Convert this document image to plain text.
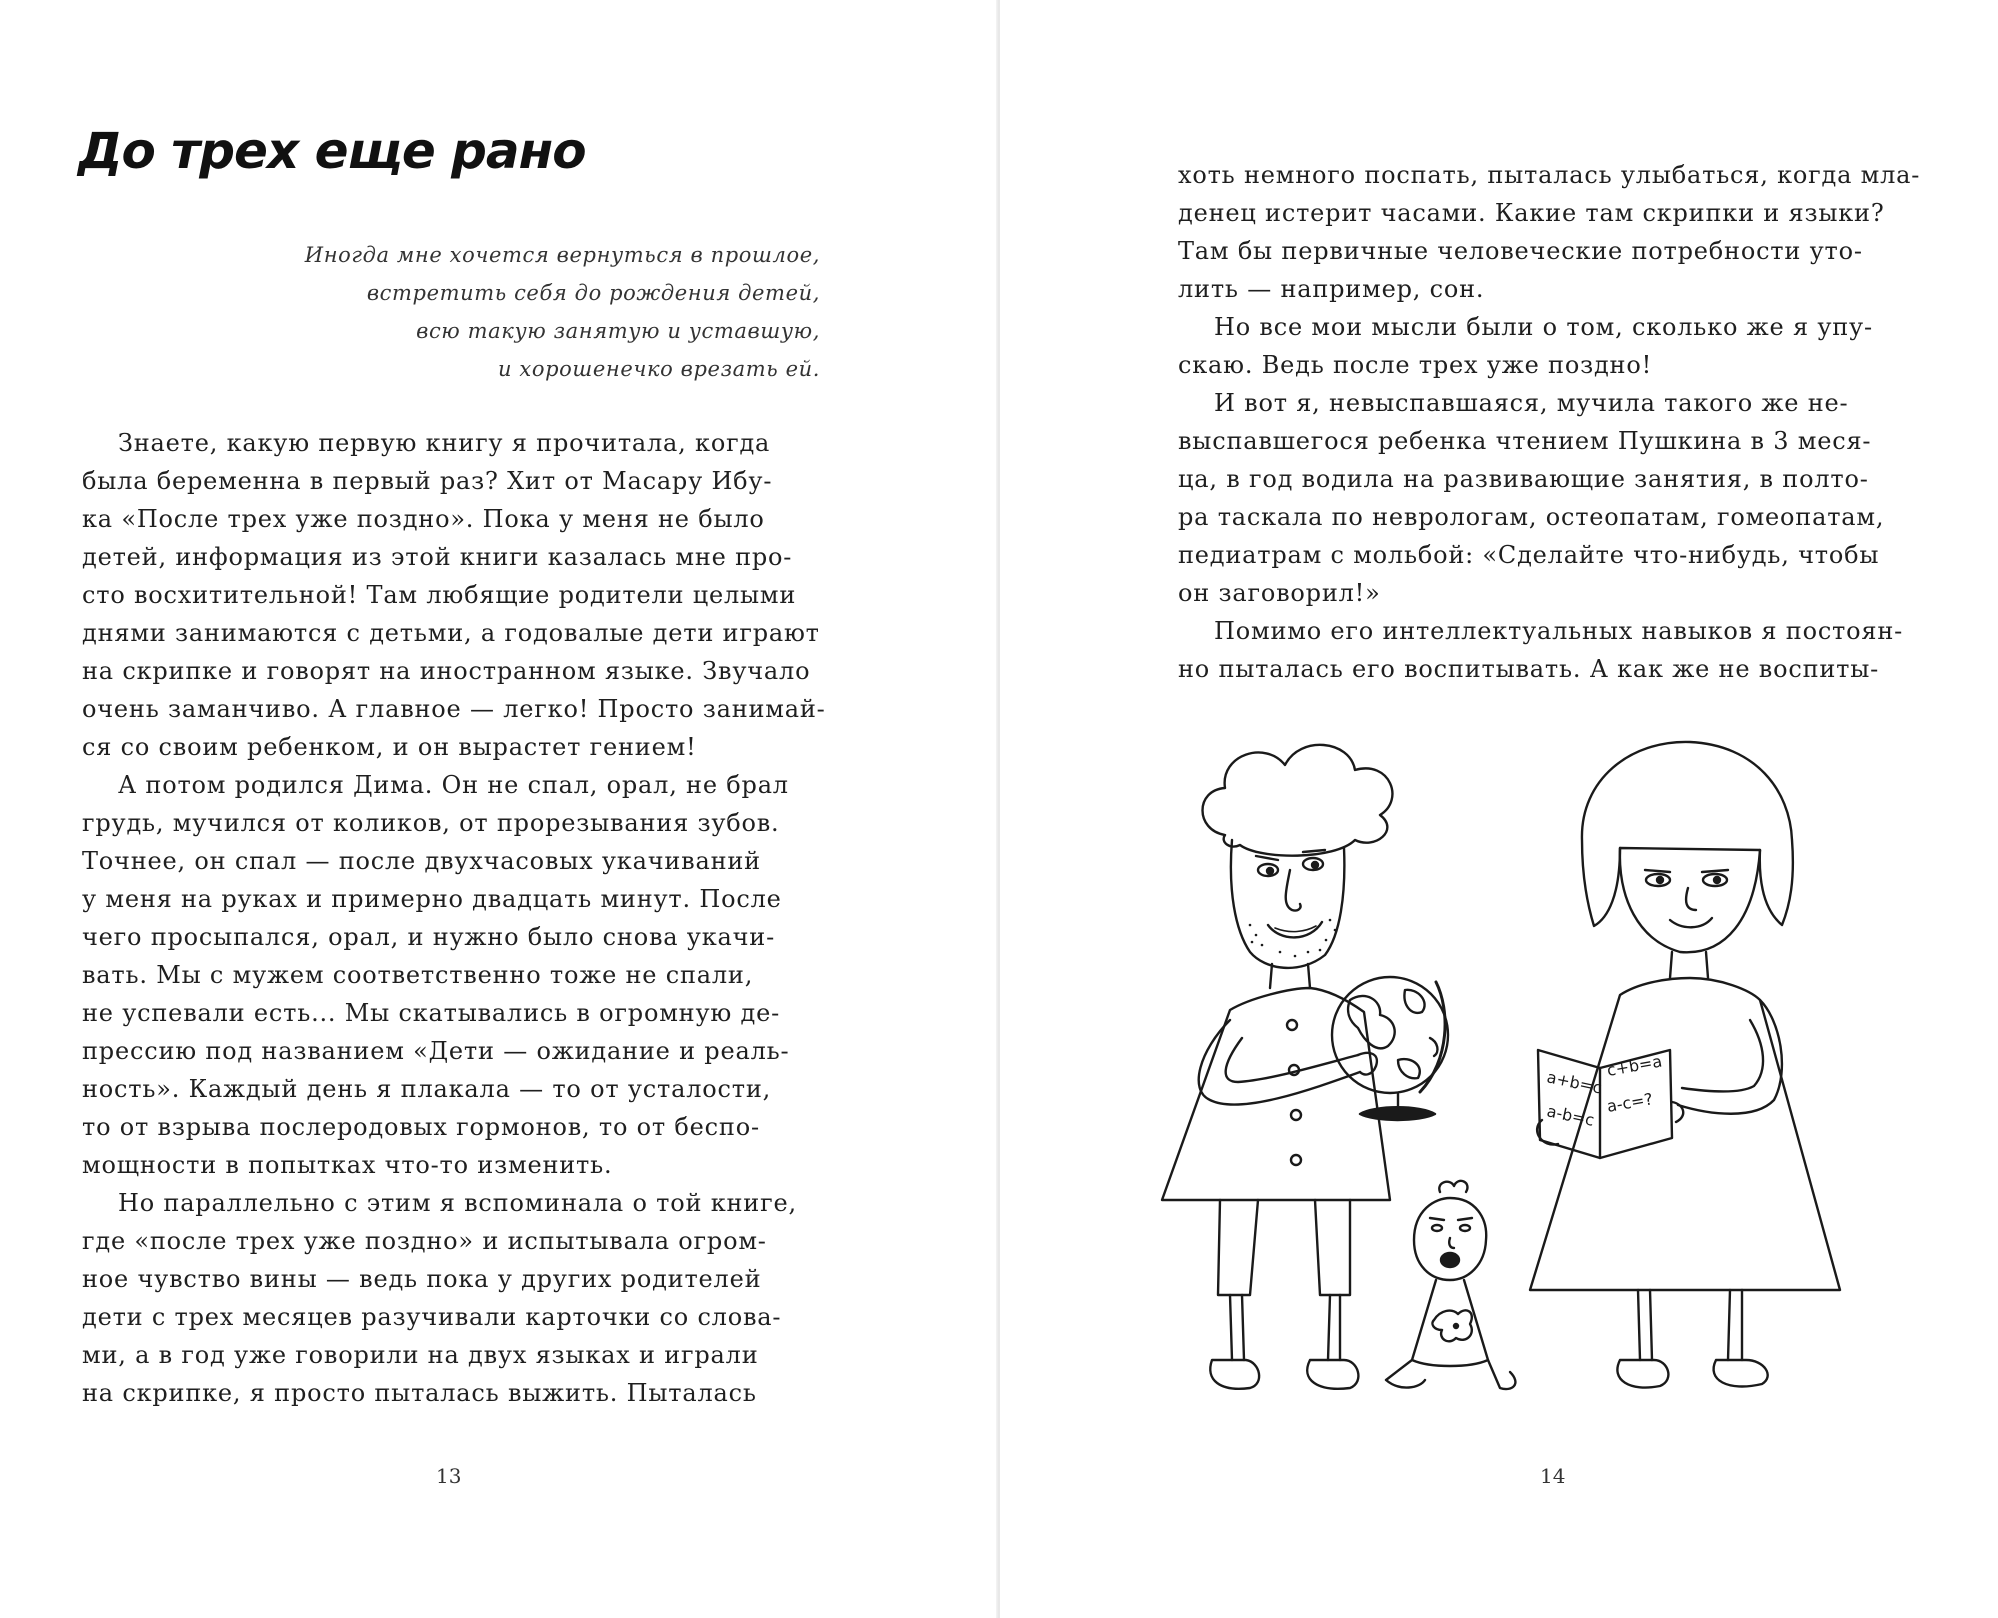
До трех еще рано
Иногда мне хочется вернуться в прошлое,
встретить себя до рождения детей,
всю такую занятую и уставшую,
и хорошенечко врезать ей.
Знаете, какую первую книгу я прочитала, когда
была беременна в первый раз? Хит от Масару Ибу-
ка «После трех уже поздно». Пока у меня не было
детей, информация из этой книги казалась мне про-
сто восхитительной! Там любящие родители целыми
днями занимаются с детьми, а годовалые дети играют
на скрипке и говорят на иностранном языке. Звучало
очень заманчиво. А главное — легко! Просто занимай-
ся со своим ребенком, и он вырастет гением!
А потом родился Дима. Он не спал, орал, не брал
грудь, мучился от коликов, от прорезывания зубов.
Точнее, он спал — после двухчасовых укачиваний
у меня на руках и примерно двадцать минут. После
чего просыпался, орал, и нужно было снова укачи-
вать. Мы с мужем соответственно тоже не спали,
не успевали есть... Мы скатывались в огромную де-
прессию под названием «Дети — ожидание и реаль-
ность». Каждый день я плакала — то от усталости,
то от взрыва послеродовых гормонов, то от беспо-
мощности в попытках что-то изменить.
Но параллельно с этим я вспоминала о той книге,
где «после трех уже поздно» и испытывала огром-
ное чувство вины — ведь пока у других родителей
дети с трех месяцев разучивали карточки со слова-
ми, а в год уже говорили на двух языках и играли
на скрипке, я просто пыталась выжить. Пыталась
13
хоть немного поспать, пыталась улыбаться, когда мла-
денец истерит часами. Какие там скрипки и языки?
Там бы первичные человеческие потребности уто-
лить — например, сон.
Но все мои мысли были о том, сколько же я упу-
скаю. Ведь после трех уже поздно!
И вот я, невыспавшаяся, мучила такого же не-
выспавшегося ребенка чтением Пушкина в 3 меся-
ца, в год водила на развивающие занятия, в полто-
ра таскала по неврологам, остеопатам, гомеопатам,
педиатрам с мольбой: «Сделайте что-нибудь, чтобы
он заговорил!»
Помимо его интеллектуальных навыков я постоян-
но пыталась его воспитывать. А как же не воспиты-
a+b=c
a-b=c
c+b=a
a-c=?
14
